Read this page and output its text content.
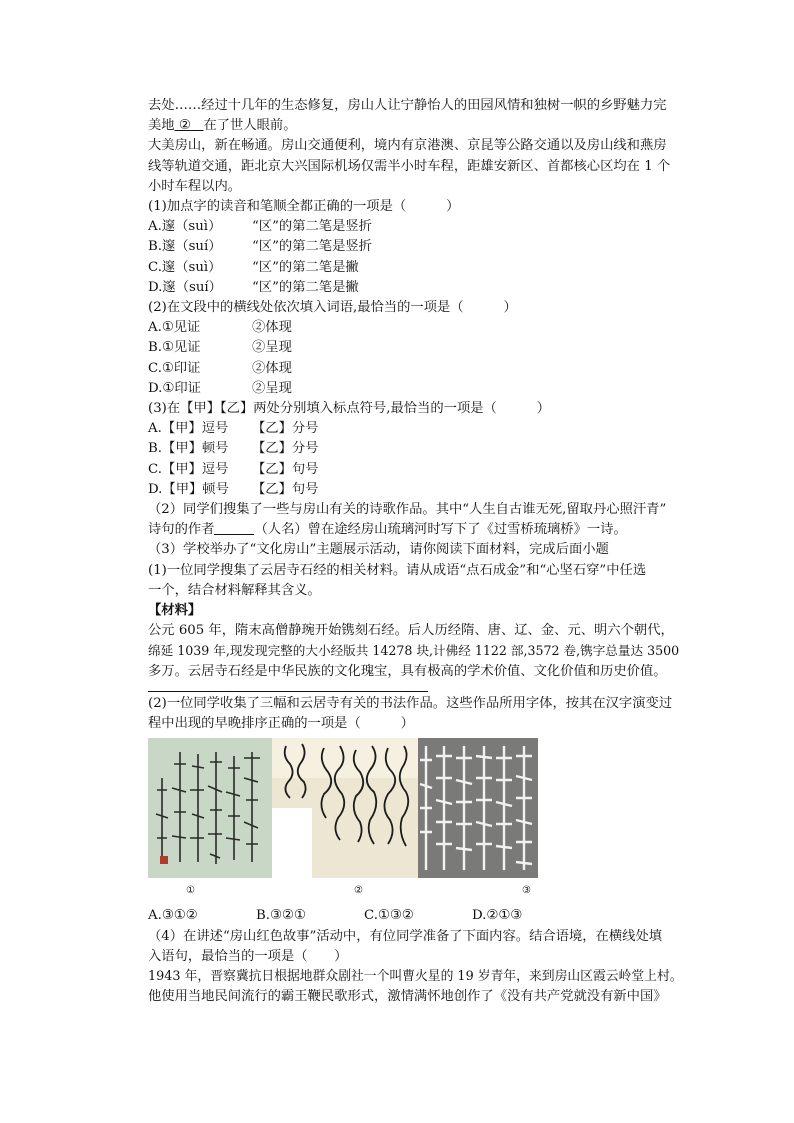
去处……经过十几年的生态修复，房山人让宁静怡人的田园风情和独树一帜的乡野魅力完

美地 ② 在了世人眼前。

大美房山，新在畅通。房山交通便利，境内有京港澳、京昆等公路交通以及房山线和燕房

线等轨道交通，距北京大兴国际机场仅需半小时车程，距雄安新区、首都核心区均在 1 个

小时车程以内。

(1)加点字的读音和笔顺全都正确的一项是（　　　）

A.邃（suì）	“区”的第二笔是竖折
B.邃（suí）	“区”的第二笔是竖折
C.邃（suì）	“区”的第二笔是撇
D.邃（suí）	“区”的第二笔是撇

(2)在文段中的横线处依次填入词语,最恰当的一项是（　　　）

A.①见证	②体现
B.①见证	②呈现
C.①印证	②体现
D.①印证	②呈现

(3)在【甲】【乙】两处分别填入标点符号,最恰当的一项是（　　　）

A.【甲】逗号	【乙】分号
B.【甲】顿号	【乙】分号
C.【甲】逗号	【乙】句号
D.【甲】顿号	【乙】句号

（2）同学们搜集了一些与房山有关的诗歌作品。其中“人生自古谁无死,留取丹心照汗青”

诗句的作者	（人名）曾在途经房山琉璃河时写下了《过雪桥琉璃桥》一诗。

（3）学校举办了“文化房山”主题展示活动，请你阅读下面材料，完成后面小题

(1)一位同学搜集了云居寺石经的相关材料。请从成语“点石成金”和“心坚石穿”中任选

一个，结合材料解释其含义。

【材料】

公元 605 年，隋末高僧静琬开始镌刻石经。后人历经隋、唐、辽、金、元、明六个朝代，

绵延 1039 年,现发现完整的大小经版共 14278 块,计佛经 1122 部,3572 卷,镌字总量达 3500

多万。云居寺石经是中华民族的文化瑰宝，具有极高的学术价值、文化价值和历史价值。

(2)一位同学收集了三幅和云居寺有关的书法作品。这些作品所用字体，按其在汉字演变过

程中出现的早晚排序正确的一项是（　　　）

①	②	③
A.③①②	B.③②①	C.①③②	D.②①③

（4）在讲述“房山红色故事”活动中，有位同学准备了下面内容。结合语境，在横线处填

入语句，最恰当的一项是（　　）

1943 年，晋察冀抗日根据地群众剧社一个叫曹火星的 19 岁青年，来到房山区霞云岭堂上村。

他使用当地民间流行的霸王鞭民歌形式，激情满怀地创作了《没有共产党就没有新中国》
